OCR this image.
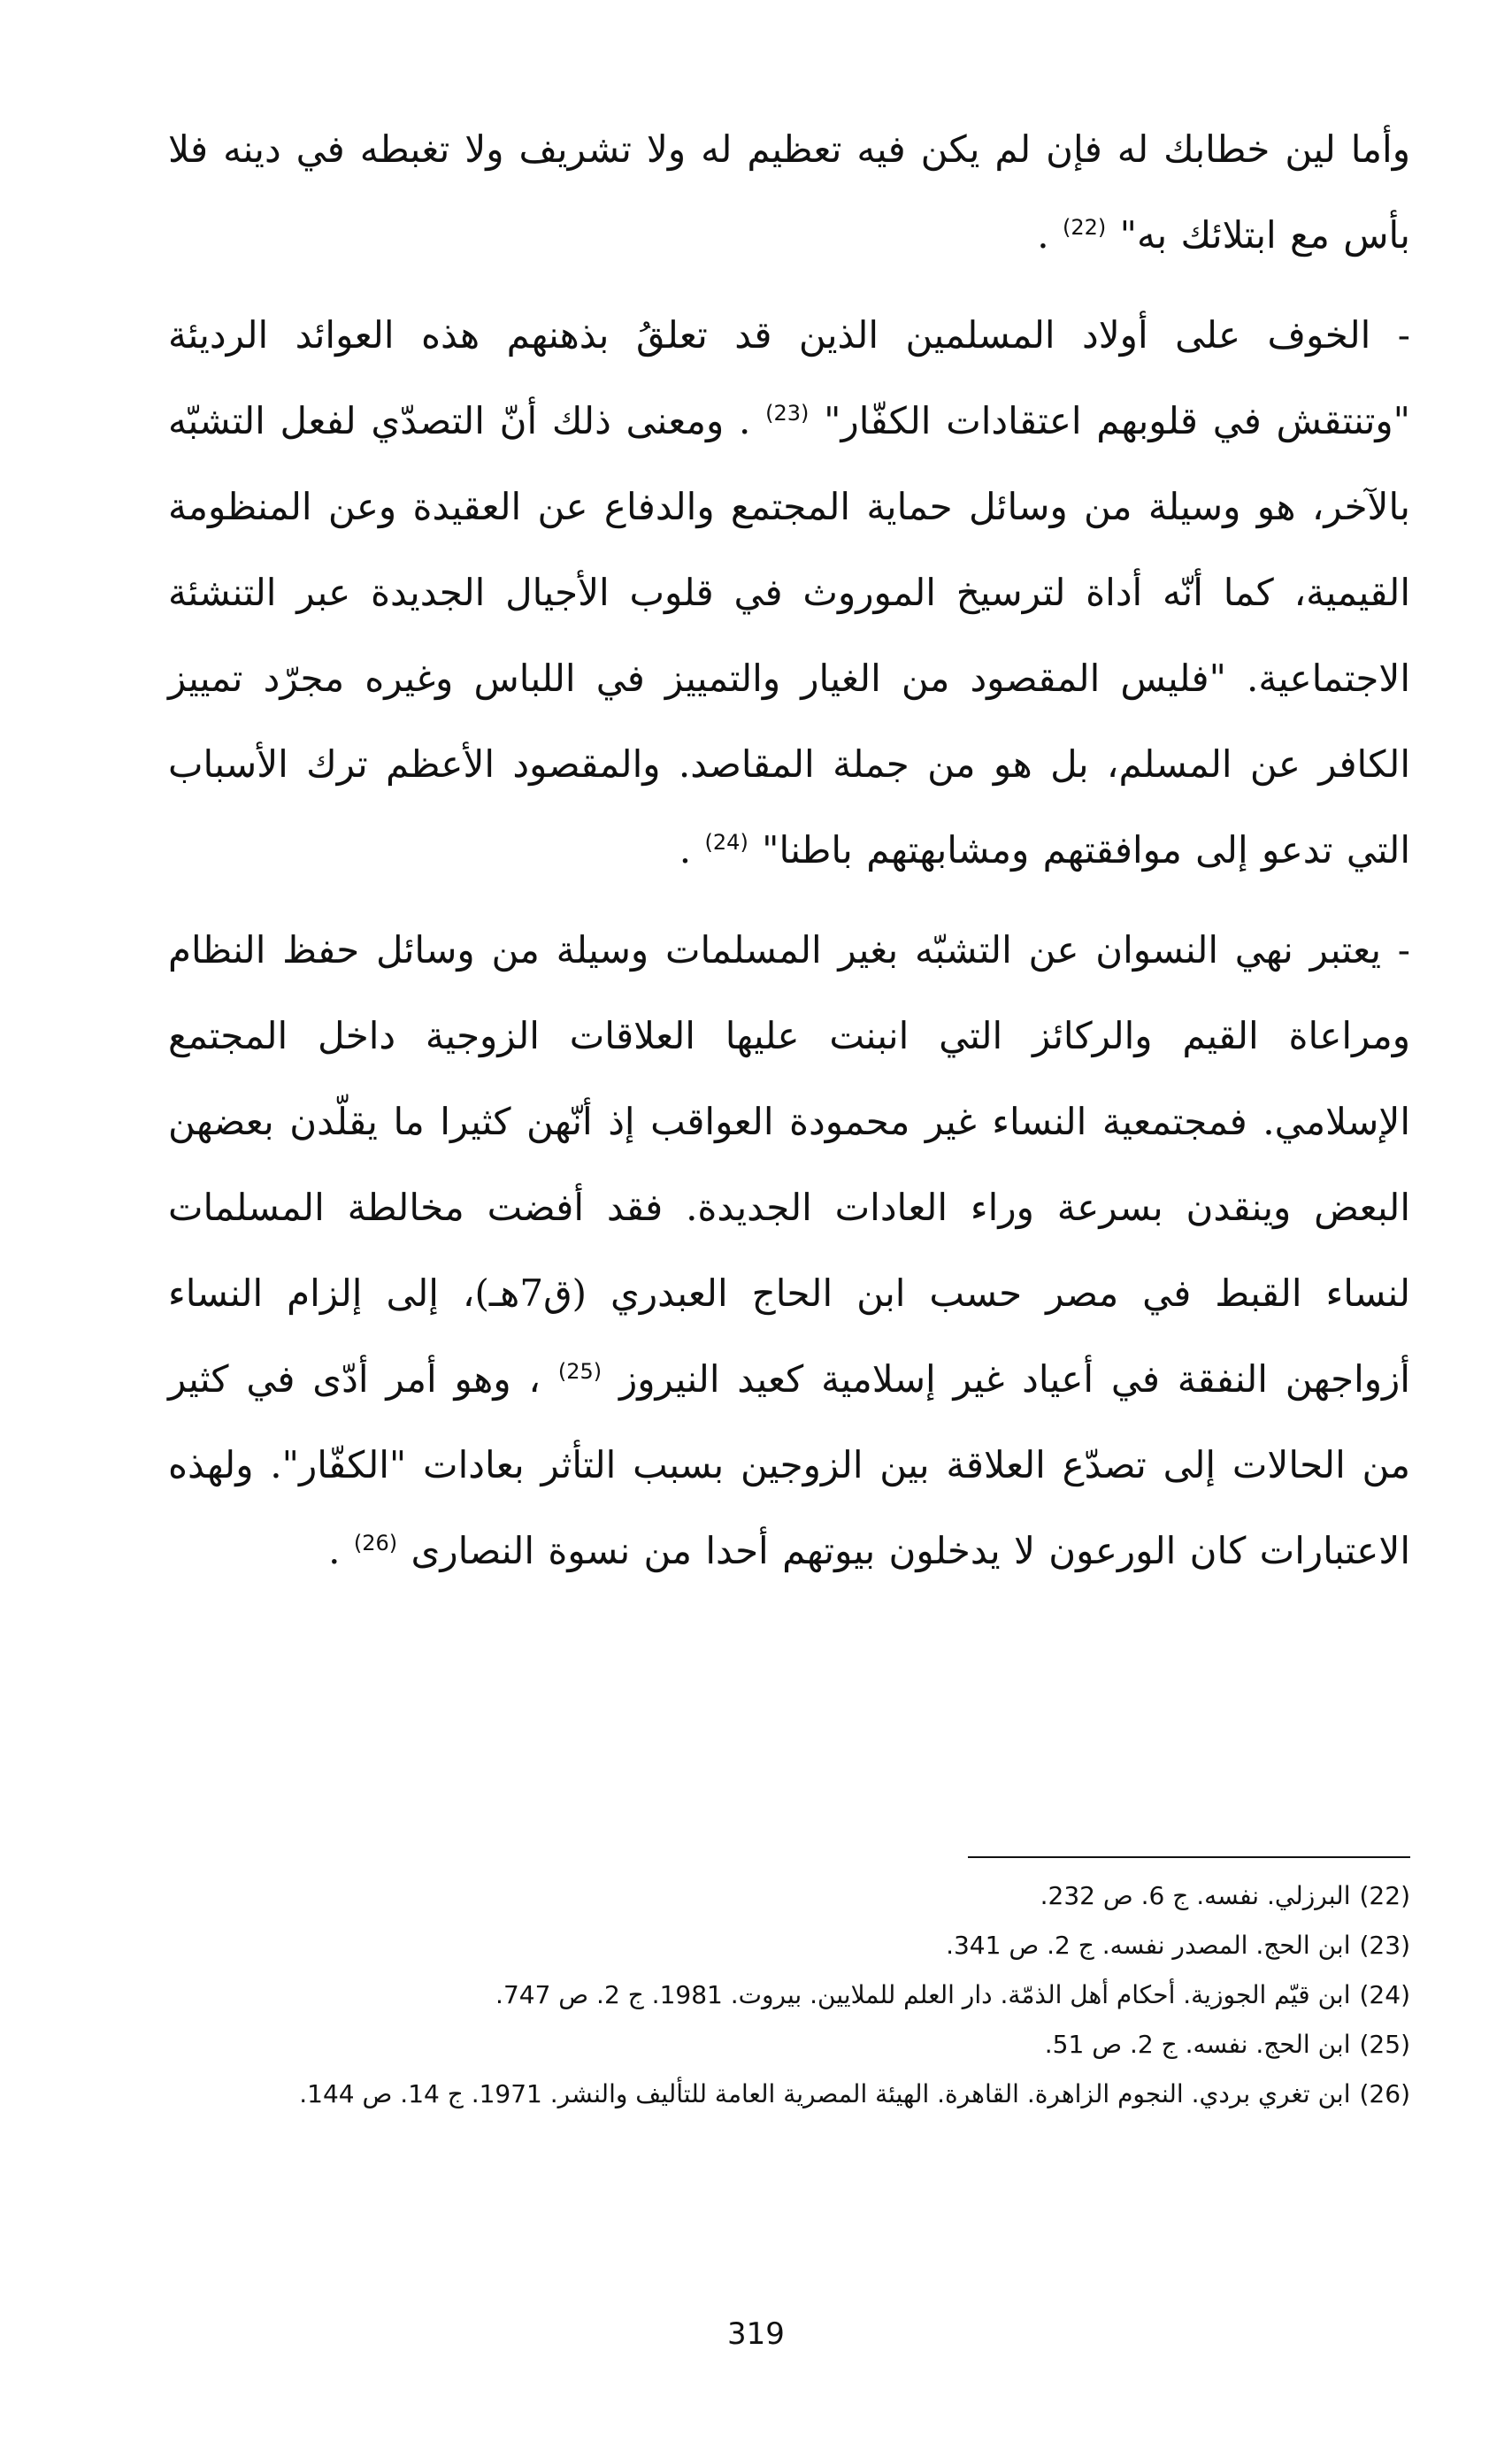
وأما لين خطابك له فإن لم يكن فيه تعظيم له ولا تشريف ولا تغبطه في دينه فلا بأس مع ابتلائك به" $^{(22)}$ .

- الخوف على أولاد المسلمين الذين قد تعلقُ بذهنهم هذه العوائد الرديئة "وتنتقش في قلوبهم اعتقادات الكفّار" $^{(23)}$ . ومعنى ذلك أنّ التصدّي لفعل التشبّه بالآخر، هو وسيلة من وسائل حماية المجتمع والدفاع عن العقيدة وعن المنظومة القيمية، كما أنّه أداة لترسيخ الموروث في قلوب الأجيال الجديدة عبر التنشئة الاجتماعية. "فليس المقصود من الغيار والتمييز في اللباس وغيره مجرّد تمييز الكافر عن المسلم، بل هو من جملة المقاصد. والمقصود الأعظم ترك الأسباب التي تدعو إلى موافقتهم ومشابهتهم باطنا" $^{(24)}$ .

- يعتبر نهي النسوان عن التشبّه بغير المسلمات وسيلة من وسائل حفظ النظام ومراعاة القيم والركائز التي انبنت عليها العلاقات الزوجية داخل المجتمع الإسلامي. فمجتمعية النساء غير محمودة العواقب إذ أنّهن كثيرا ما يقلّدن بعضهن البعض وينقدن بسرعة وراء العادات الجديدة. فقد أفضت مخالطة المسلمات لنساء القبط في مصر حسب ابن الحاج العبدري (ق7هـ)، إلى إلزام النساء أزواجهن النفقة في أعياد غير إسلامية كعيد النيروز $^{(25)}$ ، وهو أمر أدّى في كثير من الحالات إلى تصدّع العلاقة بين الزوجين بسبب التأثر بعادات "الكفّار". ولهذه الاعتبارات كان الورعون لا يدخلون بيوتهم أحدا من نسوة النصارى $^{(26)}$ .

(22)البرزلي. نفسه. ج 6. ص 232.
(23)ابن الحج. المصدر نفسه. ج 2. ص 341.
(24)ابن قيّم الجوزية. أحكام أهل الذمّة. دار العلم للملايين. بيروت. 1981. ج 2. ص 747.
(25)ابن الحج. نفسه. ج 2. ص 51.
(26)ابن تغري بردي. النجوم الزاهرة. القاهرة. الهيئة المصرية العامة للتأليف والنشر. 1971. ج 14. ص 144.
319
